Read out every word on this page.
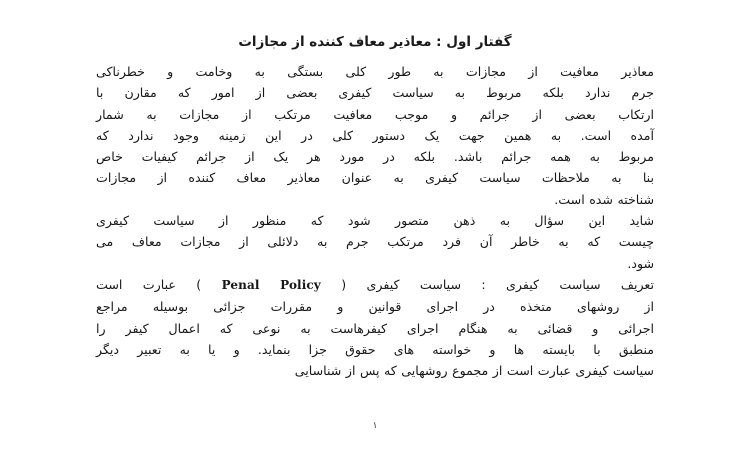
گفتار اول : معاذیر معاف کننده از مجازات
معاذیر معافیت از مجازات به طور کلی بستگی به وخامت و خطرناکی
جرم ندارد بلکه مربوط به سیاست کیفری بعضی از امور که مقارن با
ارتکاب بعضی از جرائم و موجب معافیت مرتکب از مجازات به شمار
آمده است. به همین جهت یک دستور کلی در این زمینه وجود ندارد که
مربوط به همه جرائم باشد. بلکه در مورد هر یک از جرائم کیفیات خاص
بنا به ملاحظات سیاست کیفری به عنوان معاذیر معاف کننده از مجازات
شناخته شده است.
شاید این سؤال به ذهن متصور شود که منظور از سیاست کیفری
چیست که به خاطر آن فرد مرتکب جرم به دلائلی از مجازات معاف می
شود.
تعریف سیاست کیفری : سیاست کیفری ( Penal Policy ) عبارت است
از روشهای متخذه در اجرای قوانین و مقررات جزائی بوسیله مراجع
اجرائی و قضائی به هنگام اجرای کیفرهاست به نوعی که اعمال کیفر را
منطبق با بایسته ها و خواسته های حقوق جزا بنماید. و یا به تعبیر دیگر
سیاست کیفری عبارت است از مجموع روشهایی که پس از شناسایی
۱
